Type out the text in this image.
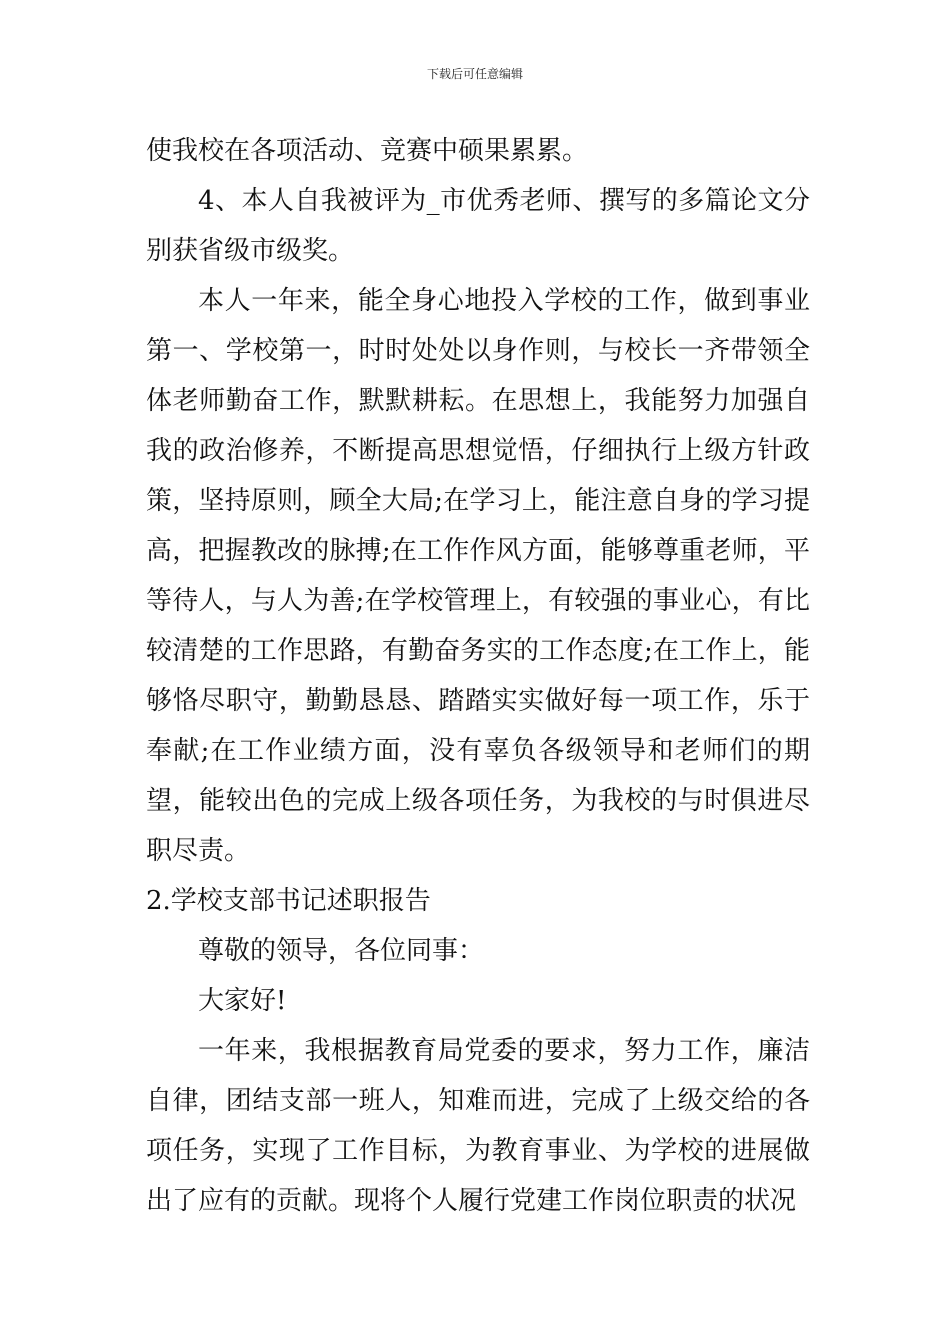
下载后可任意编辑

使我校在各项活动、竞赛中硕果累累。

4、本人自我被评为_市优秀老师、撰写的多篇论文分别获省级市级奖。

本人一年来，能全身心地投入学校的工作，做到事业第一、学校第一，时时处处以身作则，与校长一齐带领全体老师勤奋工作，默默耕耘。在思想上，我能努力加强自我的政治修养，不断提高思想觉悟，仔细执行上级方针政策，坚持原则，顾全大局;在学习上，能注意自身的学习提高，把握教改的脉搏;在工作作风方面，能够尊重老师，平等待人，与人为善;在学校管理上，有较强的事业心，有比较清楚的工作思路，有勤奋务实的工作态度;在工作上，能够恪尽职守，勤勤恳恳、踏踏实实做好每一项工作，乐于奉献;在工作业绩方面，没有辜负各级领导和老师们的期望，能较出色的完成上级各项任务，为我校的与时俱进尽职尽责。

2.学校支部书记述职报告

尊敬的领导，各位同事：

大家好!

一年来，我根据教育局党委的要求，努力工作，廉洁自律，团结支部一班人，知难而进，完成了上级交给的各项任务，实现了工作目标，为教育事业、为学校的进展做出了应有的贡献。现将个人履行党建工作岗位职责的状况
